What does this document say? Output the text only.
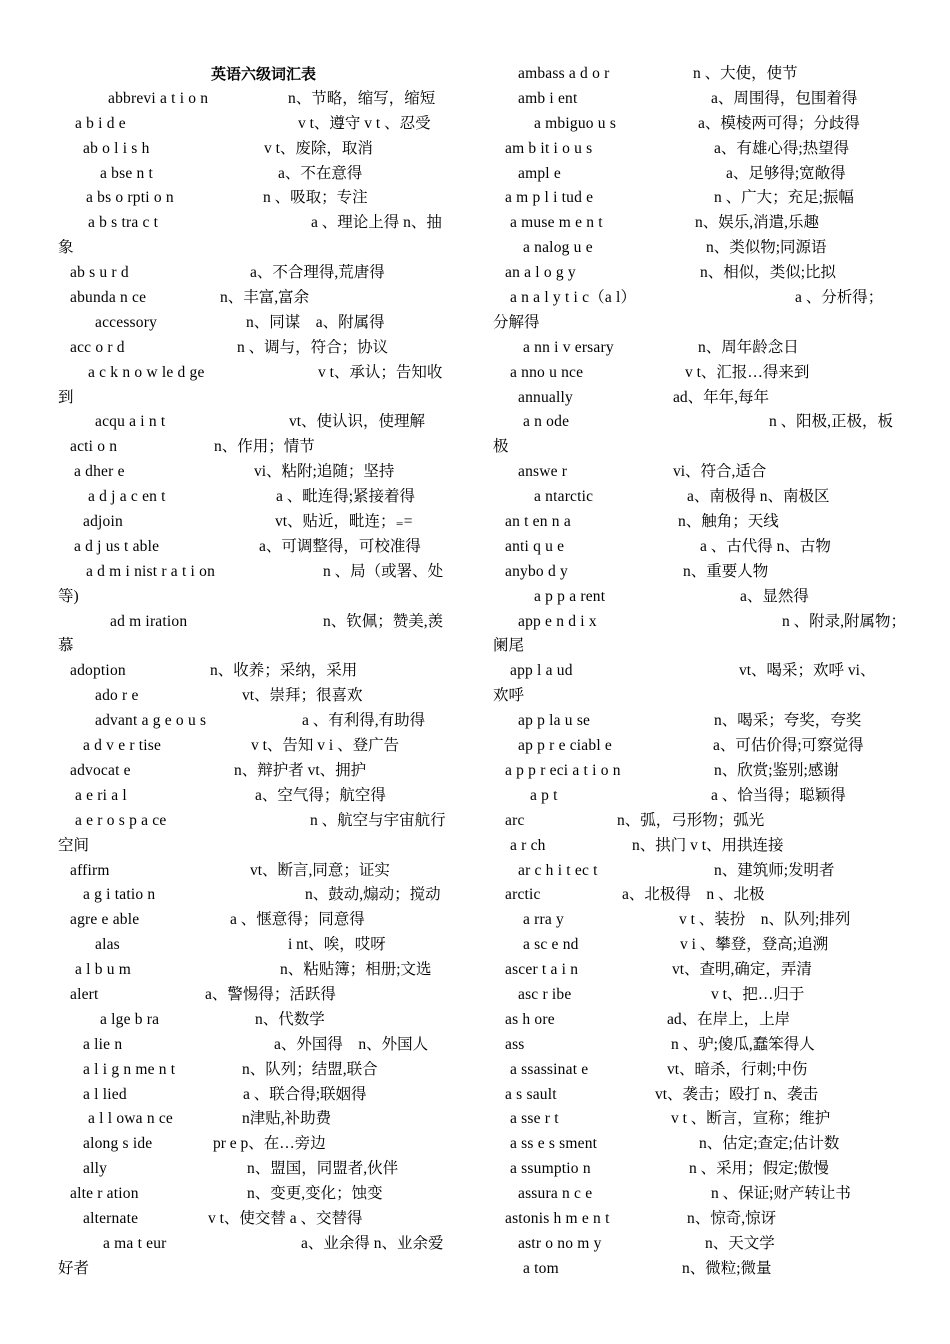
英语六级词汇表
abbrevi a t i o n	n、节略，缩写，缩短
a b i d e	v t、遵守 v t 、忍受
ab o l i s h	v t、废除，取消
a bse n t	a、不在意得
a bs o rpti o n	n 、吸取；专注
a b s tra c t	a 、理论上得 n、抽
象
ab s u r d	a、不合理得,荒唐得
abunda n ce	n、丰富,富余
accessory	n、同谋　a、附属得
acc o r d	n 、调与，符合；协议
a c k n o w le d ge	v t、承认；告知收
到
acqu a i n t	vt、使认识，使理解
acti o n	n、作用；情节
a dher e	vi、粘附;追随；坚持
a d j a c en t	a 、毗连得;紧接着得
adjoin	vt、贴近，毗连；₌=
a d j us t able	a、可调整得，可校准得
a d m i nist r a t i on	n 、局（或署、处
等)
ad m iration	n、钦佩；赞美,羡
慕
adoption	n、收养；采纳，采用
ado r e	vt、崇拜；很喜欢
advant a g e o u s	a 、有利得,有助得
a d v e r tise	v t、告知 v i 、登广告
advocat e	n、辩护者 vt、拥护
a e ri a l	a、空气得；航空得
a e r o s p a ce	n 、航空与宇宙航行
空间
affirm	vt、断言,同意；证实
a g i tatio n	n、鼓动,煽动；搅动
agre e able	a 、惬意得；同意得
alas	i nt、唉，哎呀
a l b u m	n、粘贴簿；相册;文选
alert	a、警惕得；活跃得
a lge b ra	n、代数学
a lie n	a、外国得　n、外国人
a l i g n me n t	n、队列；结盟,联合
a l lied	a 、联合得;联姻得
a l l owa n ce	n津贴,补助费
along s ide	pr e p、在…旁边
ally	n、盟国，同盟者,伙伴
alte r ation	n、变更,变化；蚀变
alternate	v t、使交替 a 、交替得
a ma t eur	a、业余得 n、业余爱
好者
ambass a d o r	n 、大使，使节
amb i ent	a、周围得，包围着得
a mbiguo u s	a、模棱两可得；分歧得
am b it i o u s	a、有雄心得;热望得
ampl e	a、足够得;宽敞得
a m p l i tud e	n 、广大；充足;振幅
a muse m e n t	n、娱乐,消遣,乐趣
a nalog u e	n、类似物;同源语
an a l o g y	n、相似，类似;比拟
a n a l y t i c（a l）	a 、分析得；
分解得
a nn i v ersary	n、周年龄念日
a nno u nce	v t、汇报…得来到
annually	ad、年年,每年
a n ode	n 、阳极,正极，板
极
answe r	vi、符合,适合
a ntarctic	a、南极得 n、南极区
an t en n a	n、触角；天线
anti q u e	a 、古代得 n、古物
anybo d y	n、重要人物
a p p a rent	a、显然得
app e n d i x	n 、附录,附属物；
阑尾
app l a ud	vt、喝采；欢呼 vi、
欢呼
ap p la u se	n、喝采；夸奖，夸奖
ap p r e ciabl e	a、可估价得;可察觉得
a p p r eci a t i o n	n、欣赏;鉴别;感谢
a p t	a 、恰当得；聪颖得
arc	n、弧，弓形物；弧光
a r ch	n、拱门 v t、用拱连接
ar c h i t ec t	n、建筑师;发明者
arctic	a、北极得　n 、北极
a rra y	v t 、装扮　n、队列;排列
a sc e nd	v i 、攀登，登高;追溯
ascer t a i n	vt、查明,确定，弄清
asc r ibe	v t、把…归于
as h ore	ad、在岸上，上岸
ass	n 、驴;傻瓜,蠢笨得人
a ssassinat e	vt、暗杀，行刺;中伤
a s sault	vt、袭击；殴打 n、袭击
a sse r t	v t 、断言，宣称；维护
a ss e s sment	n、估定;查定;估计数
a ssumptio n	n 、采用；假定;傲慢
assura n c e	n 、保证;财产转让书
astonis h m e n t	n、惊奇,惊讶
astr o no m y	n、天文学
a tom	n、微粒;微量
